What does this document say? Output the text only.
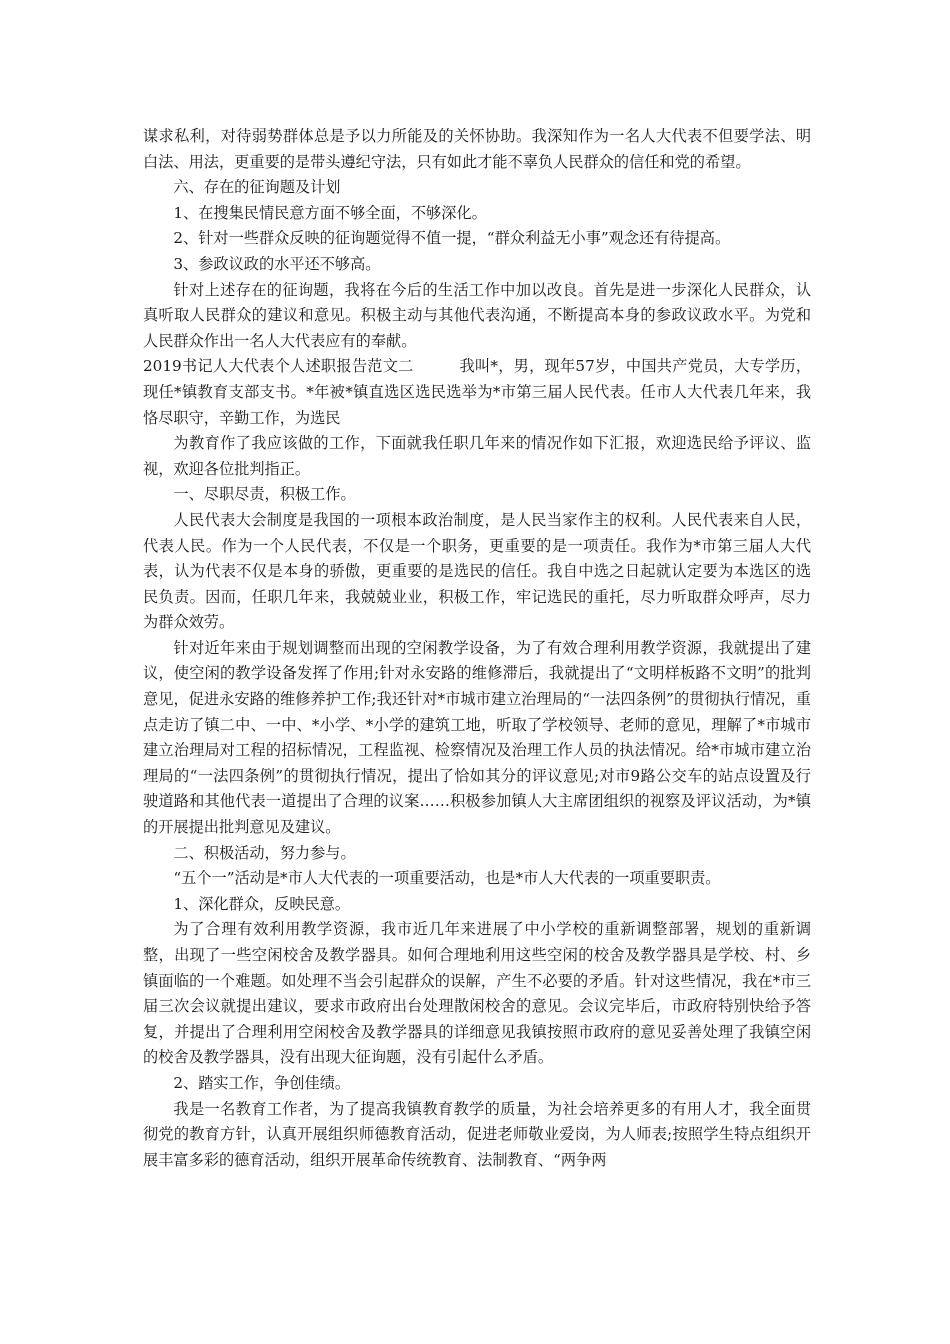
谋求私利，对待弱势群体总是予以力所能及的关怀协助。我深知作为一名人大代表不但要学法、明白法、用法，更重要的是带头遵纪守法，只有如此才能不辜负人民群众的信任和党的希望。

六、存在的征询题及计划

1、在搜集民情民意方面不够全面，不够深化。

2、针对一些群众反映的征询题觉得不值一提，“群众利益无小事”观念还有待提高。

3、参政议政的水平还不够高。

针对上述存在的征询题，我将在今后的生活工作中加以改良。首先是进一步深化人民群众，认真听取人民群众的建议和意见。积极主动与其他代表沟通，不断提高本身的参政议政水平。为党和人民群众作出一名人大代表应有的奉献。

2019书记人大代表个人述职报告范文二	我叫*，男，现年57岁，中国共产党员，大专学历，现任*镇教育支部支书。*年被*镇直选区选民选举为*市第三届人民代表。任市人大代表几年来，我恪尽职守，辛勤工作，为选民

为教育作了我应该做的工作，下面就我任职几年来的情况作如下汇报，欢迎选民给予评议、监视，欢迎各位批判指正。

一、尽职尽责，积极工作。

人民代表大会制度是我国的一项根本政治制度，是人民当家作主的权利。人民代表来自人民，代表人民。作为一个人民代表，不仅是一个职务，更重要的是一项责任。我作为*市第三届人大代表，认为代表不仅是本身的骄傲，更重要的是选民的信任。我自中选之日起就认定要为本选区的选民负责。因而，任职几年来，我兢兢业业，积极工作，牢记选民的重托，尽力听取群众呼声，尽力为群众效劳。

针对近年来由于规划调整而出现的空闲教学设备，为了有效合理利用教学资源，我就提出了建议，使空闲的教学设备发挥了作用;针对永安路的维修滞后，我就提出了“文明样板路不文明”的批判意见，促进永安路的维修养护工作;我还针对*市城市建立治理局的“一法四条例”的贯彻执行情况，重点走访了镇二中、一中、*小学、*小学的建筑工地，听取了学校领导、老师的意见，理解了*市城市建立治理局对工程的招标情况，工程监视、检察情况及治理工作人员的执法情况。给*市城市建立治理局的“一法四条例”的贯彻执行情况，提出了恰如其分的评议意见;对市9路公交车的站点设置及行驶道路和其他代表一道提出了合理的议案……积极参加镇人大主席团组织的视察及评议活动，为*镇的开展提出批判意见及建议。

二、积极活动，努力参与。

“五个一”活动是*市人大代表的一项重要活动，也是*市人大代表的一项重要职责。

1、深化群众，反映民意。

为了合理有效利用教学资源，我市近几年来进展了中小学校的重新调整部署，规划的重新调整，出现了一些空闲校舍及教学器具。如何合理地利用这些空闲的校舍及教学器具是学校、村、乡镇面临的一个难题。如处理不当会引起群众的误解，产生不必要的矛盾。针对这些情况，我在*市三届三次会议就提出建议，要求市政府出台处理散闲校舍的意见。会议完毕后，市政府特别快给予答复，并提出了合理利用空闲校舍及教学器具的详细意见我镇按照市政府的意见妥善处理了我镇空闲的校舍及教学器具，没有出现大征询题，没有引起什么矛盾。

2、踏实工作，争创佳绩。

我是一名教育工作者，为了提高我镇教育教学的质量，为社会培养更多的有用人才，我全面贯彻党的教育方针，认真开展组织师德教育活动，促进老师敬业爱岗，为人师表;按照学生特点组织开展丰富多彩的德育活动，组织开展革命传统教育、法制教育、“两争两
